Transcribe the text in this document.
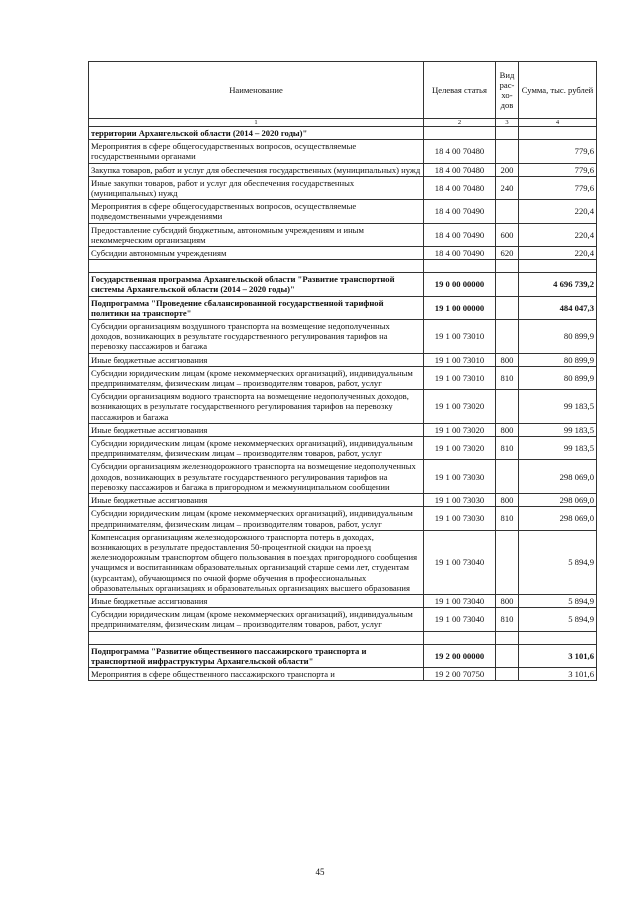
Наименование	Целевая статья	Вид рас-хо-дов	Сумма, тыс. рублей
1	2	3	4
территории Архангельской области (2014 – 2020 годы)"			
Мероприятия в сфере общегосударственных вопросов, осуществляемые государственными органами	18 4 00 70480		779,6
Закупка товаров, работ и услуг для обеспечения государственных (муниципальных) нужд	18 4 00 70480	200	779,6
Иные закупки товаров, работ и услуг для обеспечения государственных (муниципальных) нужд	18 4 00 70480	240	779,6
Мероприятия в сфере общегосударственных вопросов, осуществляемые подведомственными учреждениями	18 4 00 70490		220,4
Предоставление субсидий бюджетным, автономным учреждениям и иным некоммерческим организациям	18 4 00 70490	600	220,4
Субсидии автономным учреждениям	18 4 00 70490	620	220,4

Государственная программа Архангельской области "Развитие транспортной системы Архангельской области (2014 – 2020 годы)"	19 0 00 00000		4 696 739,2
Подпрограмма "Проведение сбалансированной государственной тарифной политики на транспорте"	19 1 00 00000		484 047,3
Субсидии организациям воздушного транспорта на возмещение недополученных доходов, возникающих в результате государственного регулирования тарифов на перевозку пассажиров и багажа	19 1 00 73010		80 899,9
Иные бюджетные ассигнования	19 1 00 73010	800	80 899,9
Субсидии юридическим лицам (кроме некоммерческих организаций), индивидуальным предпринимателям, физическим лицам – производителям товаров, работ, услуг	19 1 00 73010	810	80 899,9
Субсидии организациям водного транспорта на возмещение недополученных доходов, возникающих в результате государственного регулирования тарифов на перевозку пассажиров и багажа	19 1 00 73020		99 183,5
Иные бюджетные ассигнования	19 1 00 73020	800	99 183,5
Субсидии юридическим лицам (кроме некоммерческих организаций), индивидуальным предпринимателям, физическим лицам – производителям товаров, работ, услуг	19 1 00 73020	810	99 183,5
Субсидии организациям железнодорожного транспорта на возмещение недополученных доходов, возникающих в результате государственного регулирования тарифов на перевозку пассажиров и багажа в пригородном и межмуниципальном сообщении	19 1 00 73030		298 069,0
Иные бюджетные ассигнования	19 1 00 73030	800	298 069,0
Субсидии юридическим лицам (кроме некоммерческих организаций), индивидуальным предпринимателям, физическим лицам – производителям товаров, работ, услуг	19 1 00 73030	810	298 069,0
Компенсация организациям железнодорожного транспорта потерь в доходах, возникающих в результате предоставления 50-процентной скидки на проезд железнодорожным транспортом общего пользования в поездах пригородного сообщения учащимся и воспитанникам образовательных организаций старше семи лет, студентам (курсантам), обучающимся по очной форме обучения в профессиональных образовательных организациях и образовательных организациях высшего образования	19 1 00 73040		5 894,9
Иные бюджетные ассигнования	19 1 00 73040	800	5 894,9
Субсидии юридическим лицам (кроме некоммерческих организаций), индивидуальным предпринимателям, физическим лицам – производителям товаров, работ, услуг	19 1 00 73040	810	5 894,9

Подпрограмма "Развитие общественного пассажирского транспорта и транспортной инфраструктуры Архангельской области"	19 2 00 00000		3 101,6
Мероприятия в сфере общественного пассажирского транспорта и	19 2 00 70750		3 101,6
45
